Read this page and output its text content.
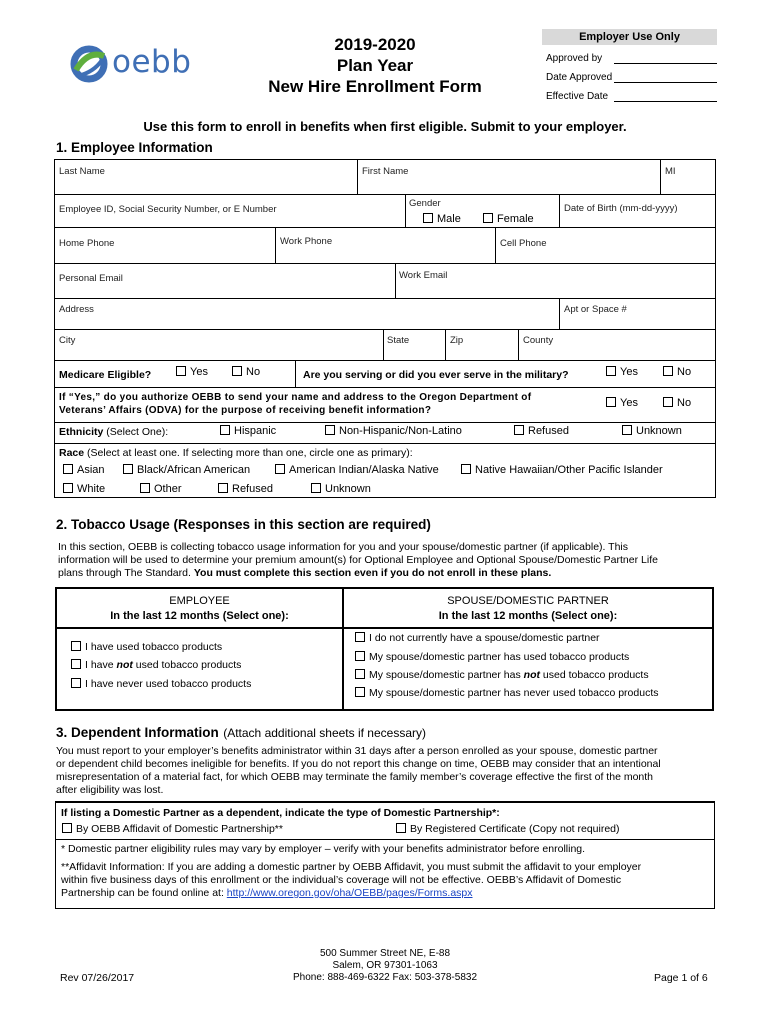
oebb	2019-2020
Plan Year
New Hire Enrollment Form
Employer Use Only
Approved by
Date Approved
Effective Date
Use this form to enroll in benefits when first eligible. Submit to your employer.
1. Employee Information
Last Name	First Name	MI
Employee ID, Social Security Number, or E Number
Gender
Male	Female
Date of Birth (mm-dd-yyyy)
Home Phone	Work Phone	Cell Phone
Personal Email	Work Email
Address	Apt or Space #
City	State	Zip	County
Medicare Eligible?	Yes	No	Are you serving or did you ever serve in the military?	Yes	No
If “Yes,” do you authorize OEBB to send your name and address to the Oregon Department of
Veterans’ Affairs (ODVA) for the purpose of receiving benefit information?
Yes	No
Ethnicity (Select One):	Hispanic	Non-Hispanic/Non-Latino	Refused	Unknown
Race (Select at least one. If selecting more than one, circle one as primary):
Asian	Black/African American	American Indian/Alaska Native	Native Hawaiian/Other Pacific Islander
White	Other	Refused	Unknown
2. Tobacco Usage (Responses in this section are required)
In this section, OEBB is collecting tobacco usage information for you and your spouse/domestic partner (if applicable). This
information will be used to determine your premium amount(s) for Optional Employee and Optional Spouse/Domestic Partner Life
plans through The Standard. You must complete this section even if you do not enroll in these plans.
EMPLOYEE
In the last 12 months (Select one):
SPOUSE/DOMESTIC PARTNER
In the last 12 months (Select one):
I have used tobacco products
I have not used tobacco products
I have never used tobacco products
I do not currently have a spouse/domestic partner
My spouse/domestic partner has used tobacco products
My spouse/domestic partner has not used tobacco products
My spouse/domestic partner has never used tobacco products
3. Dependent Information (Attach additional sheets if necessary)
You must report to your employer’s benefits administrator within 31 days after a person enrolled as your spouse, domestic partner
or dependent child becomes ineligible for benefits. If you do not report this change on time, OEBB may consider that an intentional
misrepresentation of a material fact, for which OEBB may terminate the family member’s coverage effective the first of the month
after eligibility was lost.
If listing a Domestic Partner as a dependent, indicate the type of Domestic Partnership*:
By OEBB Affidavit of Domestic Partnership**	By Registered Certificate (Copy not required)
* Domestic partner eligibility rules may vary by employer – verify with your benefits administrator before enrolling.
**Affidavit Information: If you are adding a domestic partner by OEBB Affidavit, you must submit the affidavit to your employer
within five business days of this enrollment or the individual’s coverage will not be effective. OEBB’s Affidavit of Domestic
Partnership can be found online at: http://www.oregon.gov/oha/OEBB/pages/Forms.aspx
Rev 07/26/2017
500 Summer Street NE, E-88
Salem, OR 97301-1063
Phone: 888-469-6322 Fax: 503-378-5832	Page 1 of 6
